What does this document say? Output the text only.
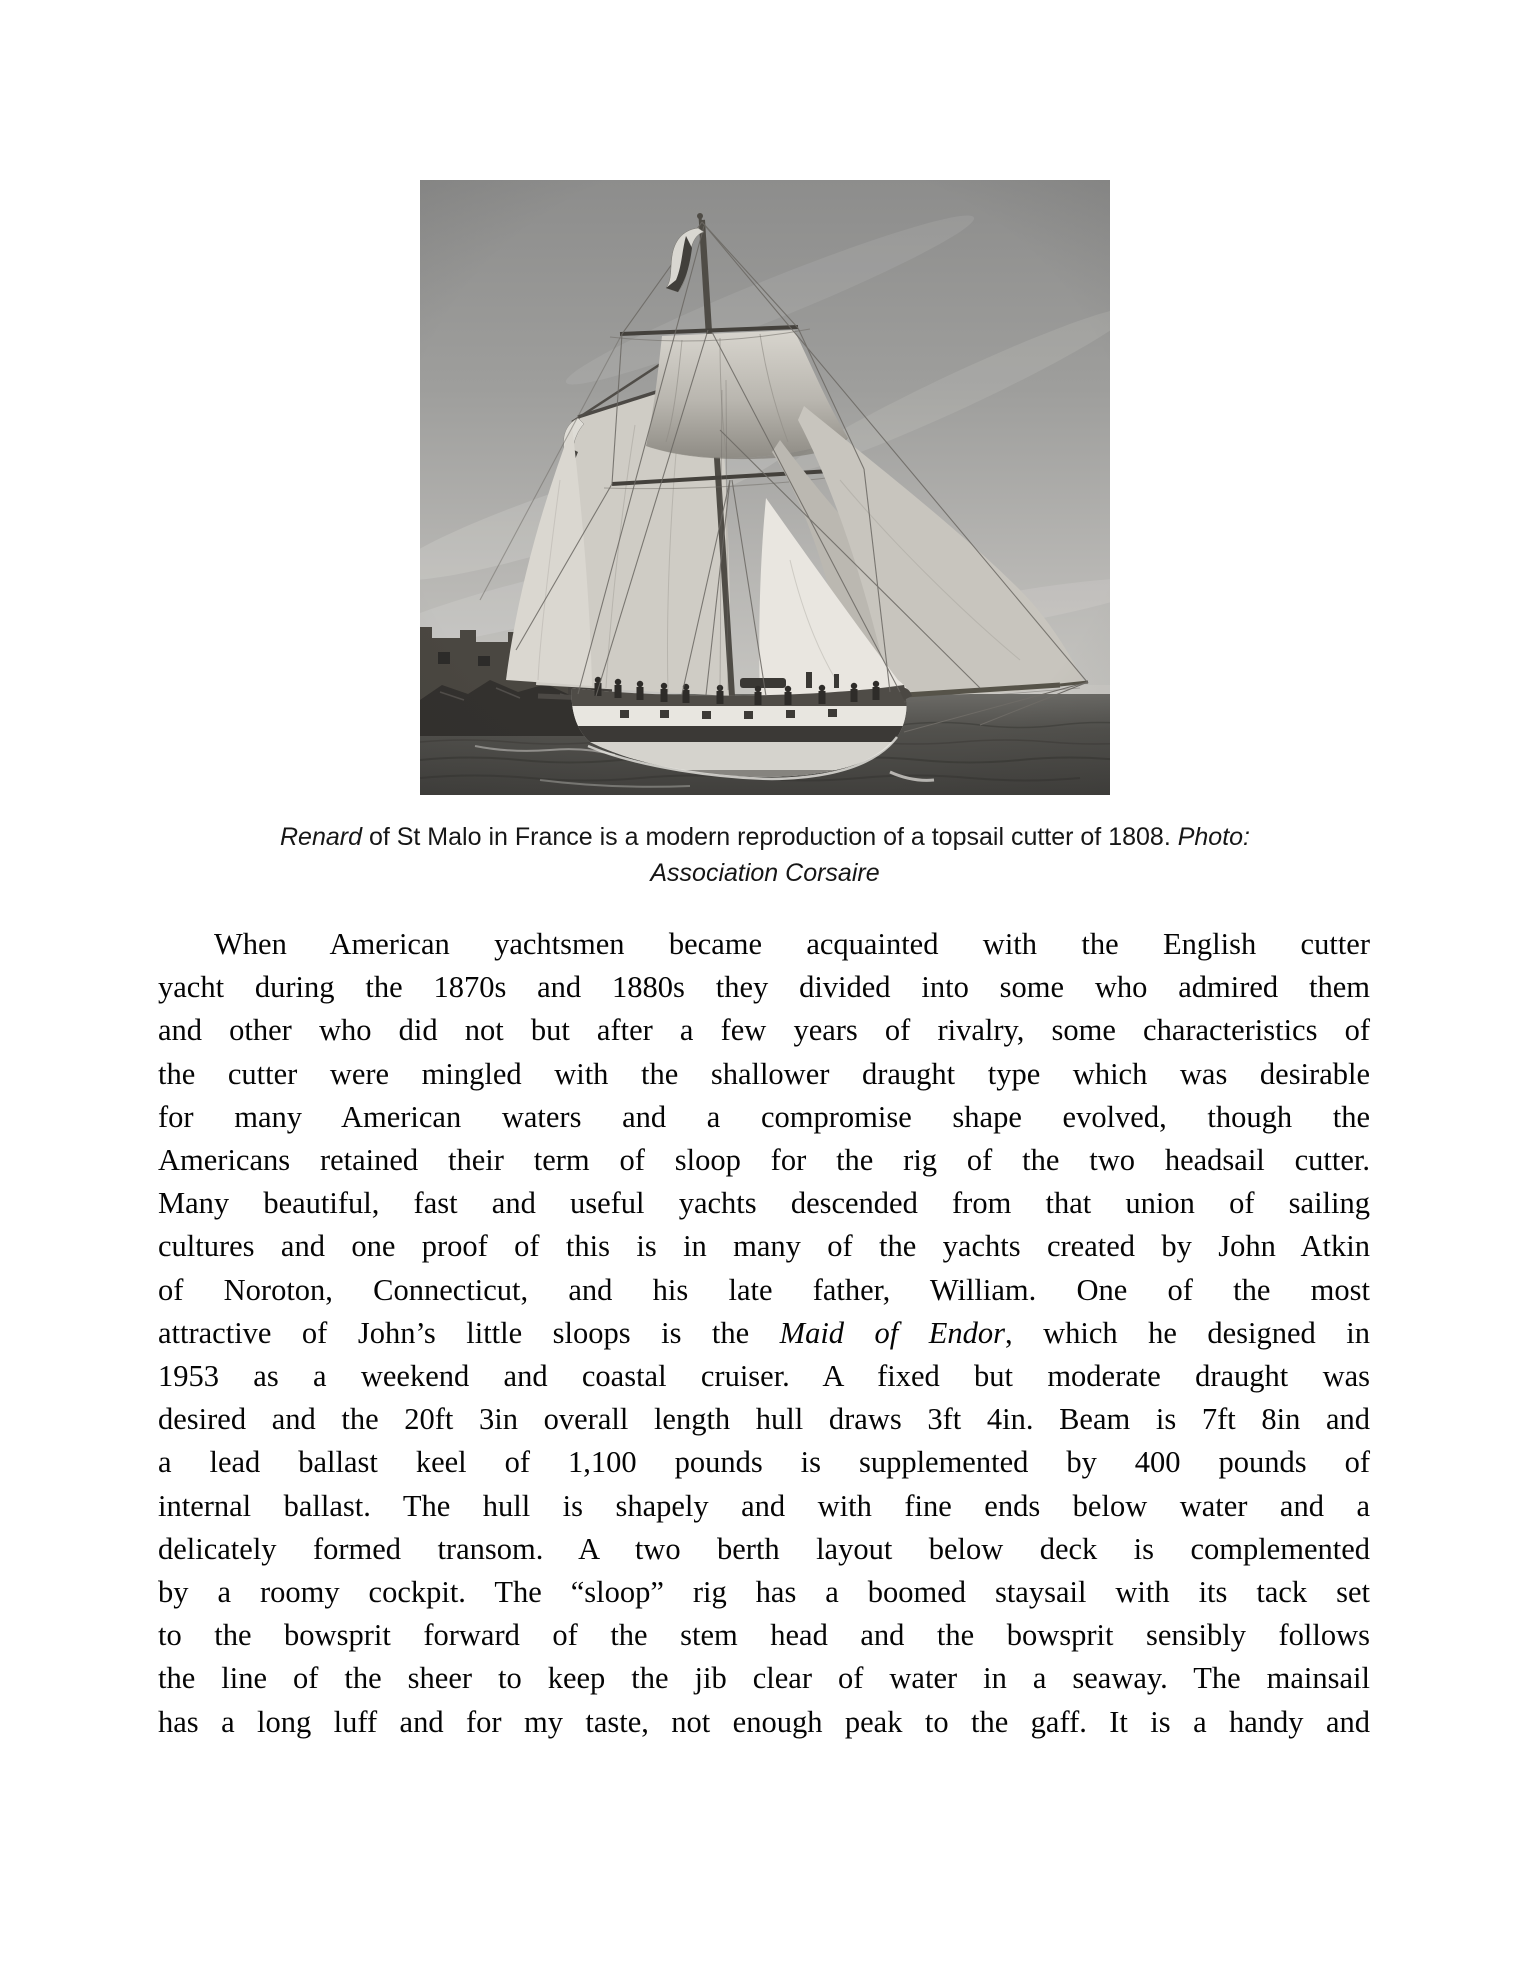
Renard of St Malo in France is a modern reproduction of a topsail cutter of 1808. Photo:
Association Corsaire
When American yachtsmen became acquainted with the English cutter
yacht during the 1870s and 1880s they divided into some who admired them
and other who did not but after a few years of rivalry, some characteristics of
the cutter were mingled with the shallower draught type which was desirable
for many American waters and a compromise shape evolved, though the
Americans retained their term of sloop for the rig of the two headsail cutter.
Many beautiful, fast and useful yachts descended from that union of sailing
cultures and one proof of this is in many of the yachts created by John Atkin
of Noroton, Connecticut, and his late father, William. One of the most
attractive of John’s little sloops is the Maid of Endor, which he designed in
1953 as a weekend and coastal cruiser. A fixed but moderate draught was
desired and the 20ft 3in overall length hull draws 3ft 4in. Beam is 7ft 8in and
a lead ballast keel of 1,100 pounds is supplemented by 400 pounds of
internal ballast. The hull is shapely and with fine ends below water and a
delicately formed transom. A two berth layout below deck is complemented
by a roomy cockpit. The “sloop” rig has a boomed staysail with its tack set
to the bowsprit forward of the stem head and the bowsprit sensibly follows
the line of the sheer to keep the jib clear of water in a seaway. The mainsail
has a long luff and for my taste, not enough peak to the gaff. It is a handy and
